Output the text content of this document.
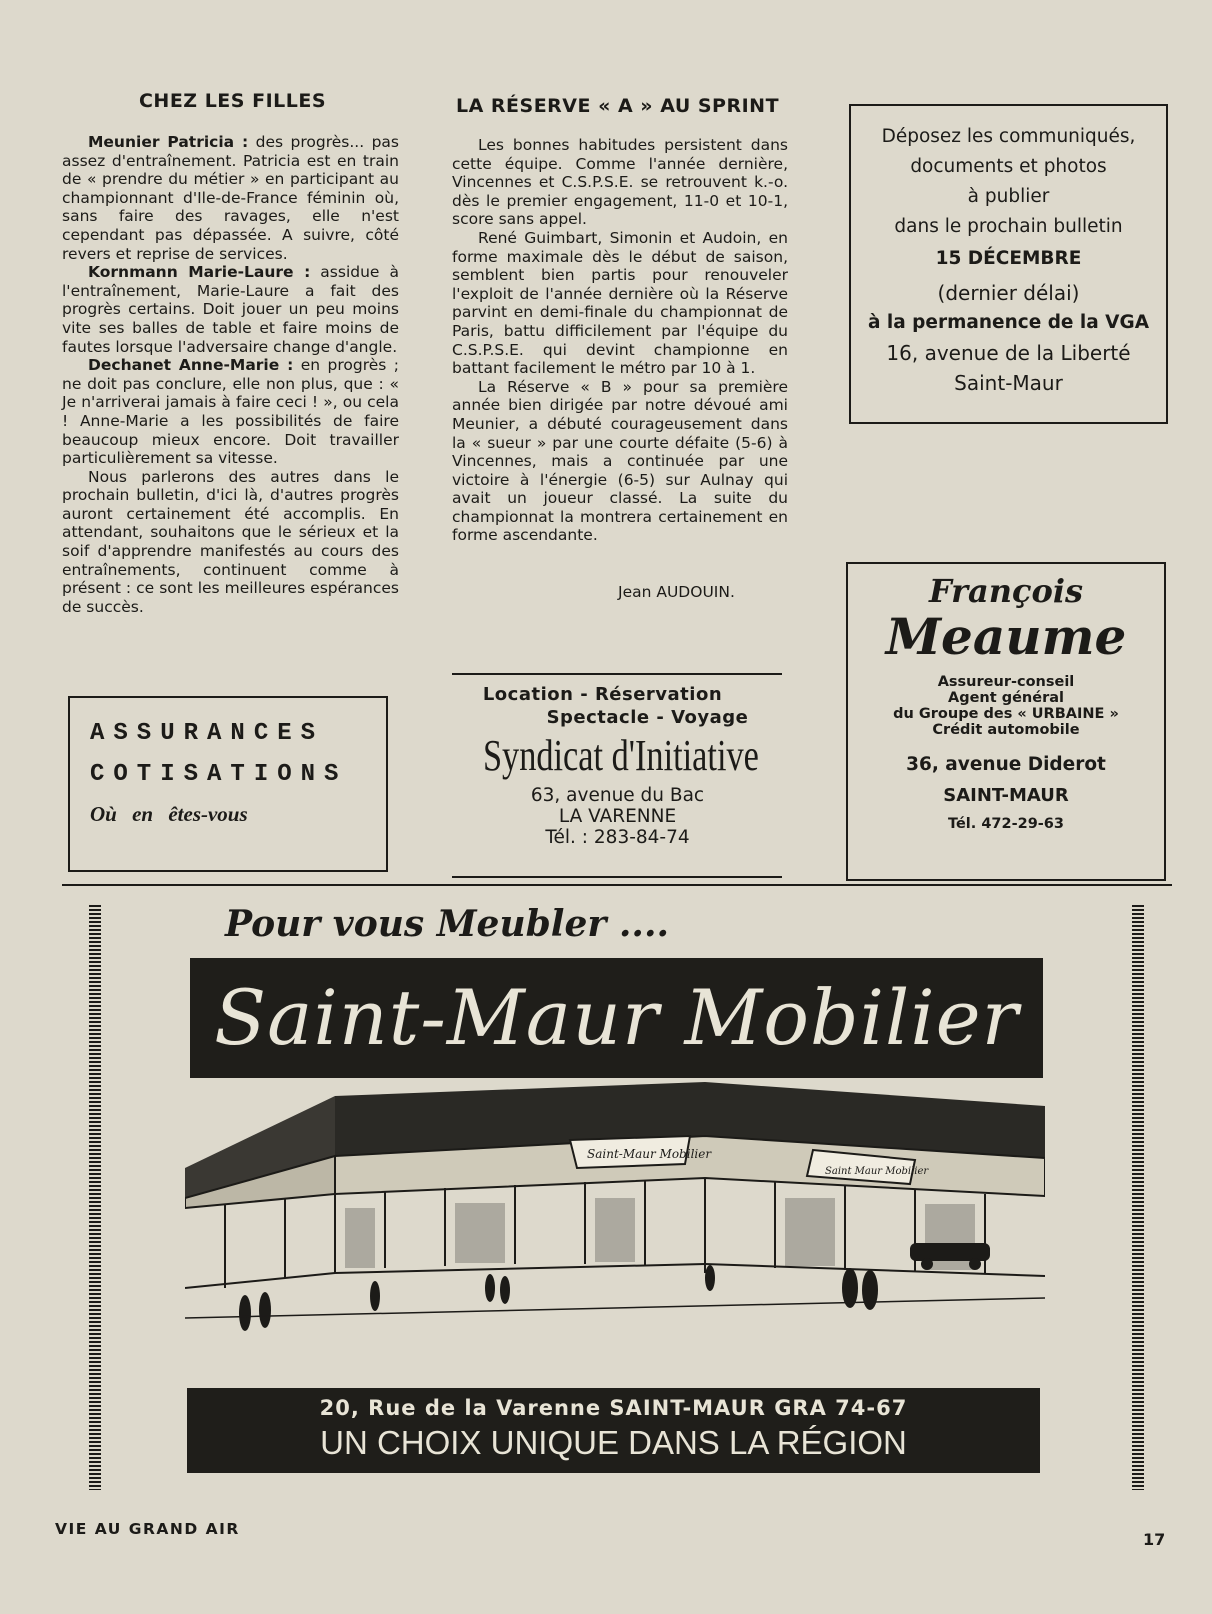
CHEZ LES FILLES

Meunier Patricia : des progrès... pas assez d'entraînement. Patricia est en train de « prendre du métier » en participant au championnant d'Ile-de-France féminin où, sans faire des ravages, elle n'est cependant pas dépassée. A suivre, côté revers et reprise de services.

Kornmann Marie-Laure : assidue à l'entraînement, Marie-Laure a fait des progrès certains. Doit jouer un peu moins vite ses balles de table et faire moins de fautes lorsque l'adversaire change d'angle.

Dechanet Anne-Marie : en progrès ; ne doit pas conclure, elle non plus, que : « Je n'arriverai jamais à faire ceci ! », ou cela ! Anne-Marie a les possibilités de faire beaucoup mieux encore. Doit travailler particulièrement sa vitesse.

Nous parlerons des autres dans le prochain bulletin, d'ici là, d'autres progrès auront certainement été accomplis. En attendant, souhaitons que le sérieux et la soif d'apprendre manifestés au cours des entraînements, continuent comme à présent : ce sont les meilleures espérances de succès.

LA RÉSERVE « A » AU SPRINT

Les bonnes habitudes persistent dans cette équipe. Comme l'année dernière, Vincennes et C.S.P.S.E. se retrouvent k.-o. dès le premier engagement, 11-0 et 10-1, score sans appel.

René Guimbart, Simonin et Audoin, en forme maximale dès le début de saison, semblent bien partis pour renouveler l'exploit de l'année dernière où la Réserve parvint en demi-finale du championnat de Paris, battu difficilement par l'équipe du C.S.P.S.E. qui devint championne en battant facilement le métro par 10 à 1.

La Réserve « B » pour sa première année bien dirigée par notre dévoué ami Meunier, a débuté courageusement dans la « sueur » par une courte défaite (5-6) à Vincennes, mais a continuée par une victoire à l'énergie (6-5) sur Aulnay qui avait un joueur classé. La suite du championnat la montrera certainement en forme ascendante.

Jean AUDOUIN.
Déposez les communiqués,
documents et photos
à publier
dans le prochain bulletin
15 DÉCEMBRE
(dernier délai)
à la permanence de la VGA
16, avenue de la Liberté
Saint-Maur
ASSURANCES
COTISATIONS
Où en êtes-vous
Location - Réservation
Spectacle - Voyage
Syndicat d'Initiative
63, avenue du Bac
LA VARENNE
Tél. : 283-84-74
François
Meaume
Assureur-conseil
Agent général
du Groupe des « URBAINE »
Crédit automobile
36, avenue Diderot
SAINT-MAUR
Tél. 472-29-63
Pour vous Meubler ....
Saint-Maur Mobilier
Saint-Maur Mobilier
Saint Maur Mobilier
20, Rue de la Varenne SAINT-MAUR GRA 74-67
UN CHOIX UNIQUE DANS LA RÉGION
VIE AU GRAND AIR
17
